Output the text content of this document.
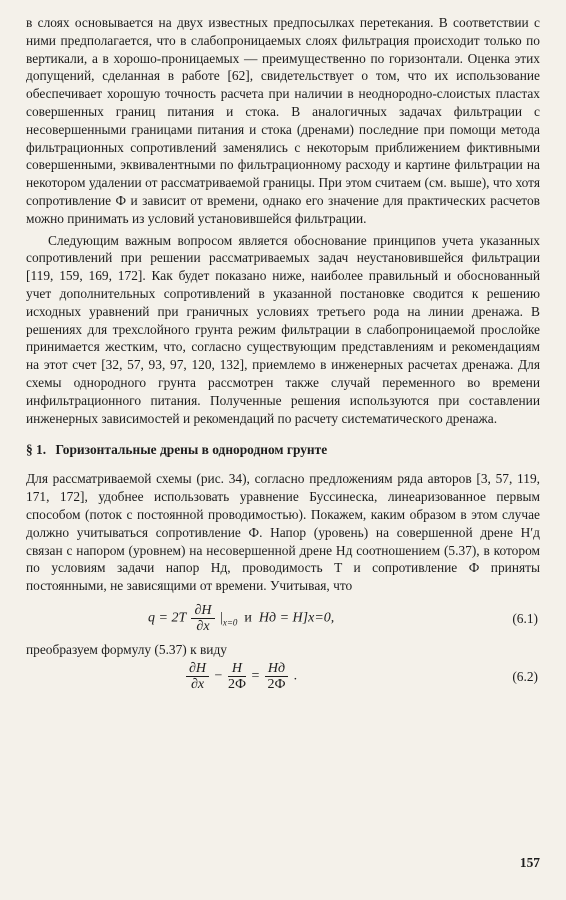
в слоях основывается на двух известных предпосылках перетекания. В соответствии с ними предполагается, что в слабопроницаемых слоях фильтрация происходит только по вертикали, а в хорошо-проницаемых — преимущественно по горизонтали. Оценка этих допущений, сделанная в работе [62], свидетельствует о том, что их использование обеспечивает хорошую точность расчета при наличии в неоднородно-слоистых пластах совершенных границ питания и стока. В аналогичных задачах фильтрации с несовершенными границами питания и стока (дренами) последние при помощи метода фильтрационных сопротивлений заменялись с некоторым приближением фиктивными совершенными, эквивалентными по фильтрационному расходу и картине фильтрации на некотором удалении от рассматриваемой границы. При этом считаем (см. выше), что хотя сопротивление Ф и зависит от времени, однако его значение для практических расчетов можно принимать из условий установившейся фильтрации.

Следующим важным вопросом является обоснование принципов учета указанных сопротивлений при решении рассматриваемых задач неустановившейся фильтрации [119, 159, 169, 172]. Как будет показано ниже, наиболее правильный и обоснованный учет дополнительных сопротивлений в указанной постановке сводится к решению исходных уравнений при граничных условиях третьего рода на линии дренажа. В решениях для трехслойного грунта режим фильтрации в слабопроницаемой прослойке принимается жестким, что, согласно существующим представлениям и рекомендациям на этот счет [32, 57, 93, 97, 120, 132], приемлемо в инженерных расчетах дренажа. Для схемы однородного грунта рассмотрен также случай переменного во времени инфильтрационного питания. Полученные решения используются при составлении инженерных зависимостей и рекомендаций по расчету систематического дренажа.

§ 1. Горизонтальные дрены в однородном грунте

Для рассматриваемой схемы (рис. 34), согласно предложениям ряда авторов [3, 57, 119, 171, 172], удобнее использовать уравнение Буссинеска, линеаризованное первым способом (поток с постоянной проводимостью). Покажем, каким образом в этом случае должно учитываться сопротивление Ф. Напор (уровень) на совершенной дрене H′д связан с напором (уровнем) на несовершенной дрене Hд соотношением (5.37), в котором по условиям задачи напор Hд, проводимость T и сопротивление Ф приняты постоянными, не зависящими от времени. Учитывая, что

$q = 2T \frac{\partial H}{\partial x} |_{x=0}$ и Hд = H]x=0,	(6.1)

преобразуем формулу (5.37) к виду

$\frac{\partial H}{\partial x} - \frac{H}{2Ф} = \frac{Hд}{2Ф}$ .	(6.2)
157
